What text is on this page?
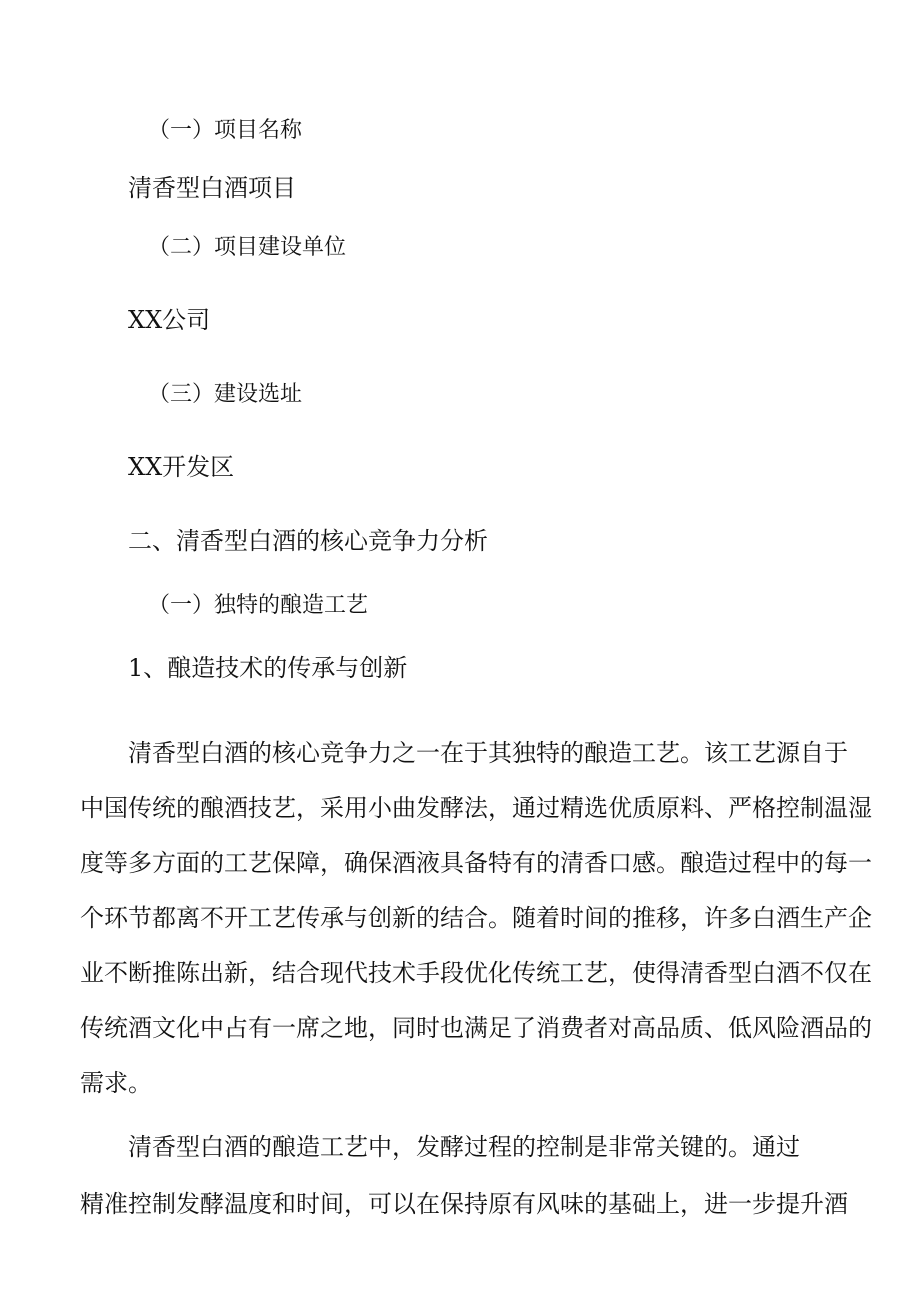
（一）项目名称

清香型白酒项目

（二）项目建设单位

XX公司

（三）建设选址

XX开发区

二、清香型白酒的核心竞争力分析

（一）独特的酿造工艺

1、酿造技术的传承与创新

清香型白酒的核心竞争力之一在于其独特的酿造工艺。该工艺源自于

中国传统的酿酒技艺，采用小曲发酵法，通过精选优质原料、严格控制温湿

度等多方面的工艺保障，确保酒液具备特有的清香口感。酿造过程中的每一

个环节都离不开工艺传承与创新的结合。随着时间的推移，许多白酒生产企

业不断推陈出新，结合现代技术手段优化传统工艺，使得清香型白酒不仅在

传统酒文化中占有一席之地，同时也满足了消费者对高品质、低风险酒品的

需求。

清香型白酒的酿造工艺中，发酵过程的控制是非常关键的。通过

精准控制发酵温度和时间，可以在保持原有风味的基础上，进一步提升酒
